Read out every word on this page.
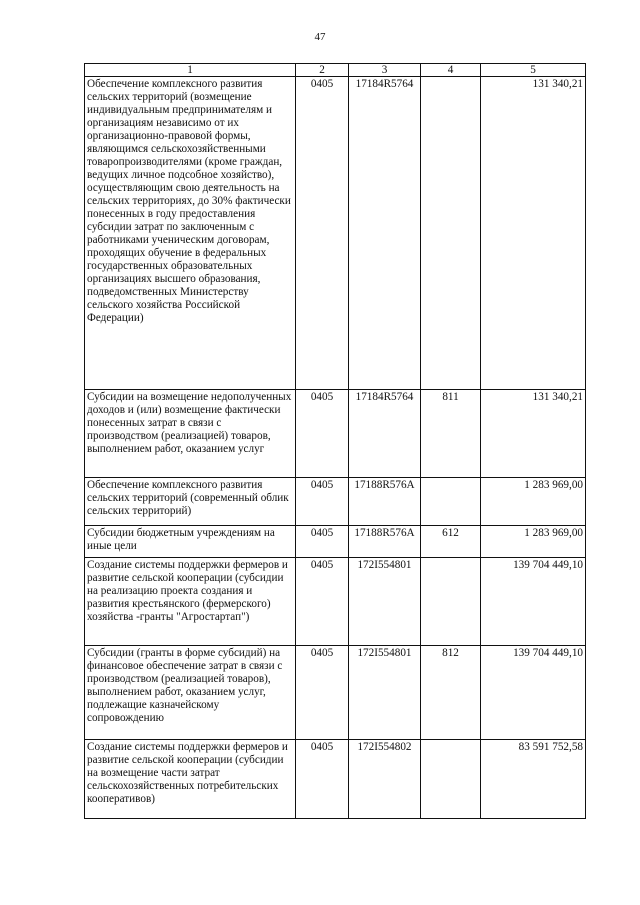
47
1	2	3	4	5
Обеспечение комплексного развития сельских территорий (возмещение индивидуальным предпринимателям и организациям независимо от их организационно-правовой формы, являющимся сельскохозяйственными товаропроизводителями (кроме граждан, ведущих личное подсобное хозяйство), осуществляющим свою деятельность на сельских территориях, до 30% фактически понесенных в году предоставления субсидии затрат по заключенным с работниками ученическим договорам, проходящих обучение в федеральных государственных образовательных организациях высшего образования, подведомственных Министерству сельского хозяйства Российской Федерации)	0405	17184R5764		131 340,21
Субсидии на возмещение недополученных доходов и (или) возмещение фактически понесенных затрат в связи с производством (реализацией) товаров, выполнением работ, оказанием услуг	0405	17184R5764	811	131 340,21
Обеспечение комплексного развития сельских территорий (современный облик сельских территорий)	0405	17188R576A		1 283 969,00
Субсидии бюджетным учреждениям на иные цели	0405	17188R576A	612	1 283 969,00
Создание системы поддержки фермеров и развитие сельской кооперации (субсидии на реализацию проекта создания и развития крестьянского (фермерского) хозяйства -гранты "Агростартап")	0405	172I554801		139 704 449,10
Субсидии (гранты в форме субсидий) на финансовое обеспечение затрат в связи с производством (реализацией товаров), выполнением работ, оказанием услуг, подлежащие казначейскому сопровождению	0405	172I554801	812	139 704 449,10
Создание системы поддержки фермеров и развитие сельской кооперации (субсидии на возмещение части затрат сельскохозяйственных потребительских кооперативов)	0405	172I554802		83 591 752,58
